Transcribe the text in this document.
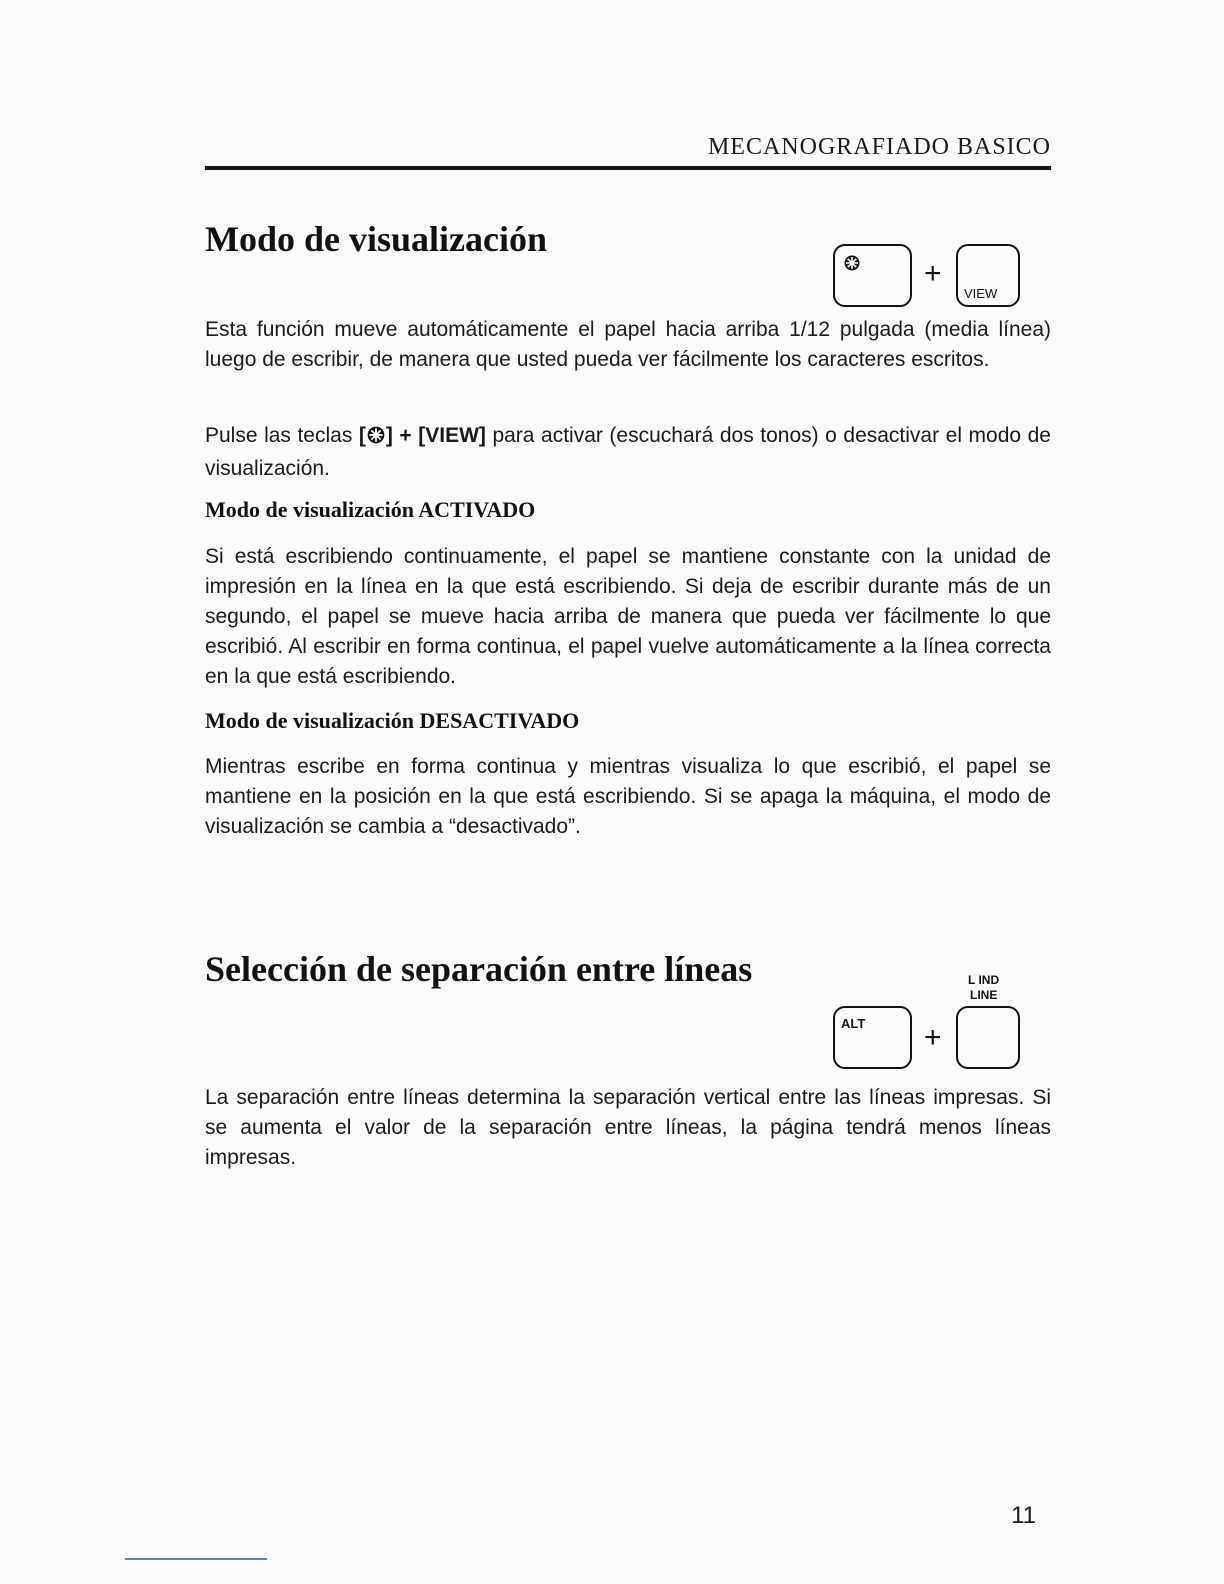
MECANOGRAFIADO BASICO
Modo de visualización
+
VIEW

Esta función mueve automáticamente el papel hacia arriba 1/12 pulgada (media línea) luego de escribir, de manera que usted pueda ver fácilmente los caracteres escritos.

Pulse las teclas [ ] + [VIEW] para activar (escuchará dos tonos) o desactivar el modo de visualización.

Modo de visualización ACTIVADO

Si está escribiendo continuamente, el papel se mantiene constante con la unidad de impresión en la línea en la que está escribiendo. Si deja de escribir durante más de un segundo, el papel se mueve hacia arriba de manera que pueda ver fácilmente lo que escribió. Al escribir en forma continua, el papel vuelve automáticamente a la línea correcta en la que está escribiendo.

Modo de visualización DESACTIVADO

Mientras escribe en forma continua y mientras visualiza lo que escribió, el papel se mantiene en la posición en la que está escribiendo. Si se apaga la máquina, el modo de visualización se cambia a “desactivado”.

Selección de separación entre líneas	L IND
LINE
ALT +

La separación entre líneas determina la separación vertical entre las líneas impresas. Si se aumenta el valor de la separación entre líneas, la página tendrá menos líneas impresas.

11
